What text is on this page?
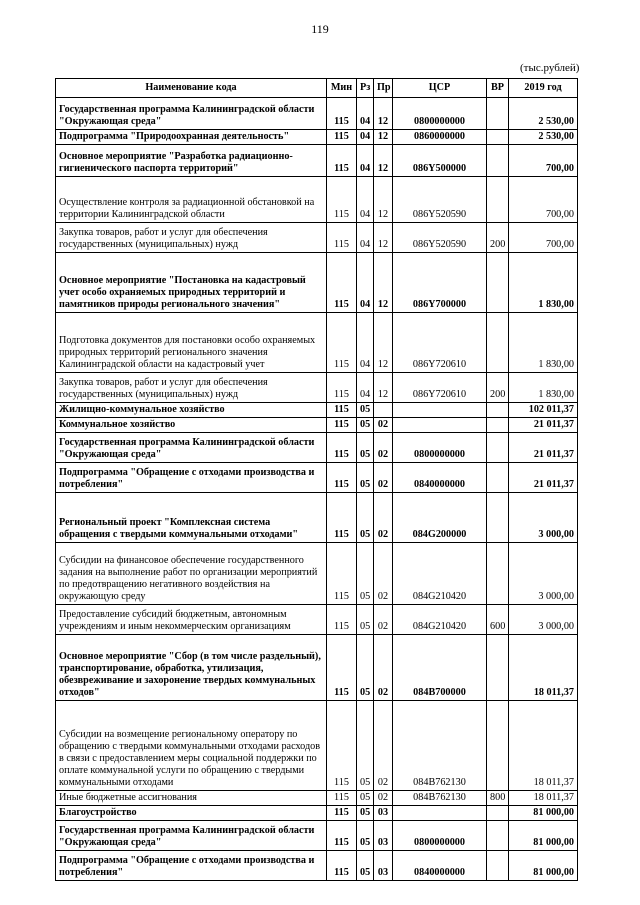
119
(тыс.рублей)
Наименование кода	Мин	Рз	Пр	ЦСР	ВР	2019 год
Государственная программа Калининградской области "Окружающая среда"	115	04	12	0800000000		2 530,00
Подпрограмма "Природоохранная деятельность"	115	04	12	0860000000		2 530,00
Основное мероприятие "Разработка радиационно-гигиенического паспорта территорий"	115	04	12	086Y500000		700,00
Осуществление контроля за радиационной обстановкой на территории Калининградской области	115	04	12	086Y520590		700,00
Закупка товаров, работ и услуг для обеспечения государственных (муниципальных) нужд	115	04	12	086Y520590	200	700,00
Основное мероприятие "Постановка на кадастровый учет особо охраняемых природных территорий и памятников природы регионального значения"	115	04	12	086Y700000		1 830,00
Подготовка документов для постановки особо охраняемых природных территорий регионального значения Калининградской области на кадастровый учет	115	04	12	086Y720610		1 830,00
Закупка товаров, работ и услуг для обеспечения государственных (муниципальных) нужд	115	04	12	086Y720610	200	1 830,00
Жилищно-коммунальное хозяйство	115	05				102 011,37
Коммунальное хозяйство	115	05	02			21 011,37
Государственная программа Калининградской области "Окружающая среда"	115	05	02	0800000000		21 011,37
Подпрограмма "Обращение с отходами производства и потребления"	115	05	02	0840000000		21 011,37
Региональный проект "Комплексная система обращения с твердыми коммунальными отходами"	115	05	02	084G200000		3 000,00
Субсидии на финансовое обеспечение государственного задания на выполнение работ по организации мероприятий по предотвращению негативного воздействия на окружающую среду	115	05	02	084G210420		3 000,00
Предоставление субсидий бюджетным, автономным учреждениям и иным некоммерческим организациям	115	05	02	084G210420	600	3 000,00
Основное мероприятие "Сбор (в том числе раздельный), транспортирование, обработка, утилизация, обезвреживание и захоронение твердых коммунальных отходов"	115	05	02	084B700000		18 011,37
Субсидии на возмещение региональному оператору по обращению с твердыми коммунальными отходами расходов в связи с предоставлением меры социальной поддержки по оплате коммунальной услуги по обращению с твердыми коммунальными отходами	115	05	02	084B762130		18 011,37
Иные бюджетные ассигнования	115	05	02	084B762130	800	18 011,37
Благоустройство	115	05	03			81 000,00
Государственная программа Калининградской области "Окружающая среда"	115	05	03	0800000000		81 000,00
Подпрограмма "Обращение с отходами производства и потребления"	115	05	03	0840000000		81 000,00
